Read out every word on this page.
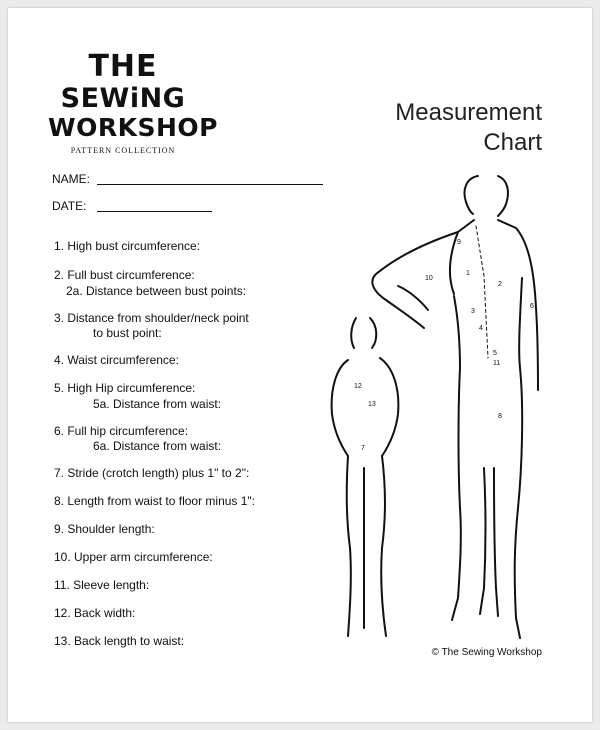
THE
SEWiNG
WORKSHOP
PATTERN COLLECTION
Measurement
Chart
NAME:
DATE:
1. High bust circumference:
2. Full bust circumference:
2a. Distance between bust points:
3. Distance from shoulder/neck point
to bust point:
4. Waist circumference:
5. High Hip circumference:
5a. Distance from waist:
6. Full hip circumference:
6a. Distance from waist:
7. Stride (crotch length) plus 1" to 2":
8. Length from waist to floor minus 1":
9. Shoulder length:
10. Upper arm circumference:
11. Sleeve length:
12. Back width:
13. Back length to waist:
9
10
1
2
3
4
5
6
11
8
12
13
7
© The Sewing Workshop
